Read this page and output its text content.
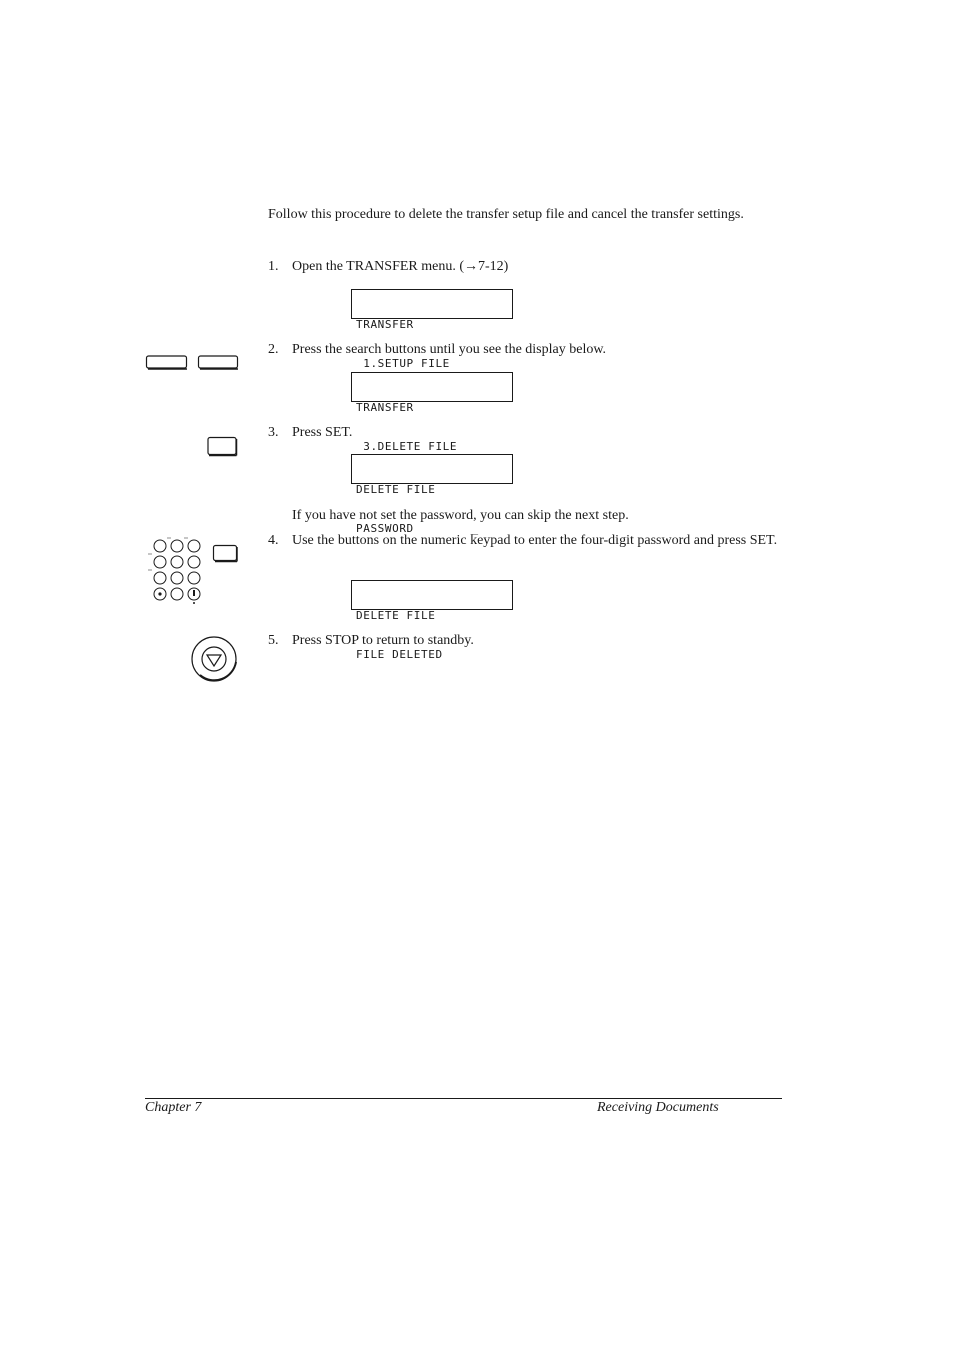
Follow this procedure to delete the transfer setup file and cancel the transfer settings.

1. Open the TRANSFER menu. (→7-12)

TRANSFER

1.SETUP FILE

2. Press the search buttons until you see the display below.

TRANSFER

3.DELETE FILE

3. Press SET.

DELETE FILE

PASSWORD        _

If you have not set the password, you can skip the next step.
4. Use the buttons on the numeric keypad to enter the four-digit password and press SET.

DELETE FILE

FILE DELETED

5. Press STOP to return to standby.
Chapter 7	Receiving Documents
